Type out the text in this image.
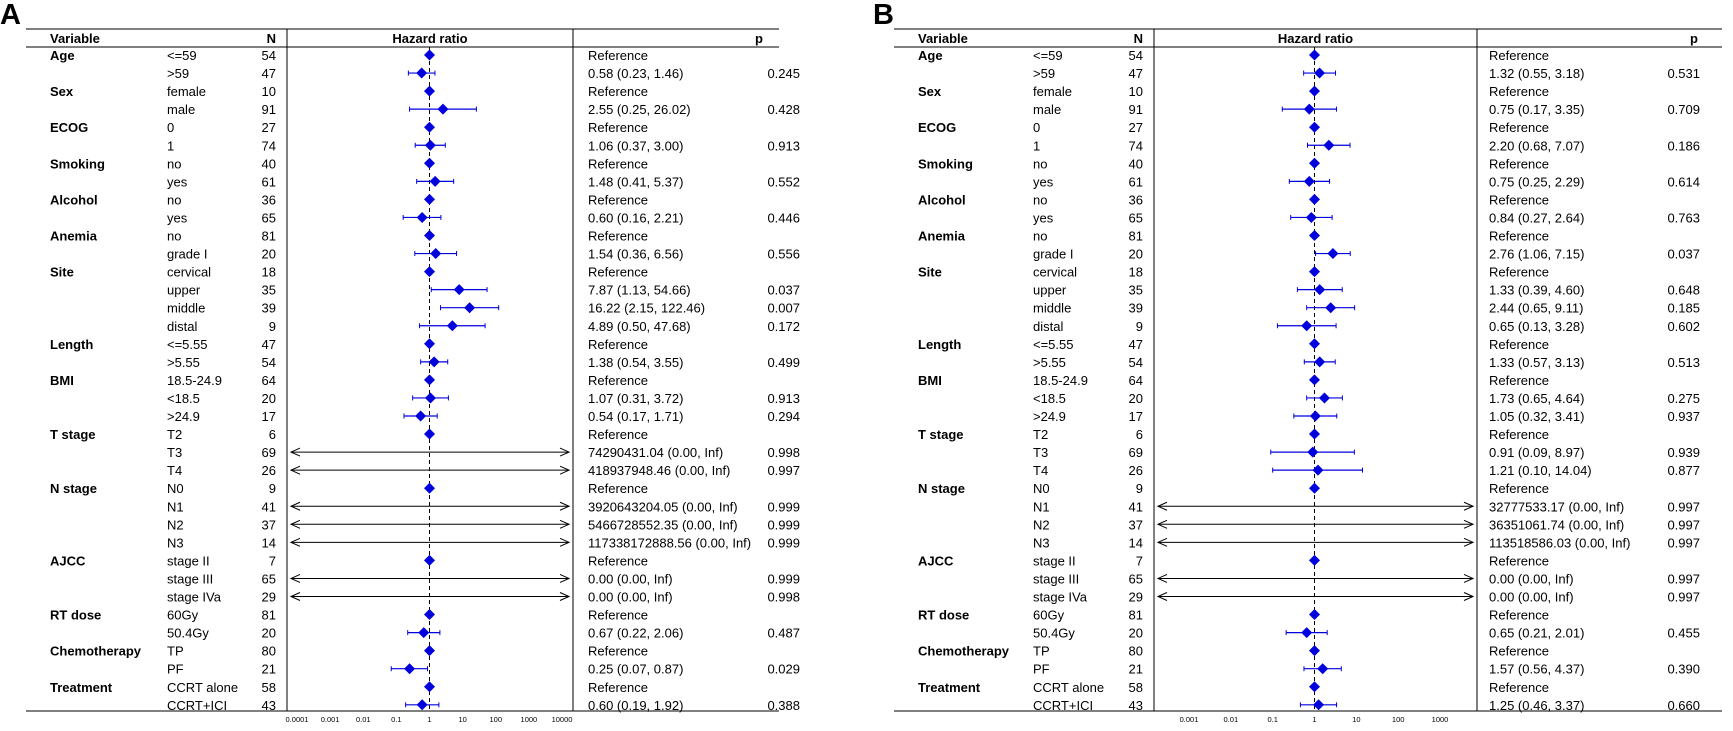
A
Variable	N	Hazard ratio	p
Age	<=59	54	Reference
>59	47	0.58 (0.23, 1.46)	0.245
Sex	female	10	Reference
male	91	2.55 (0.25, 26.02)	0.428
ECOG	0	27	Reference
1	74	1.06 (0.37, 3.00)	0.913
Smoking	no	40	Reference
yes	61	1.48 (0.41, 5.37)	0.552
Alcohol	no	36	Reference
yes	65	0.60 (0.16, 2.21)	0.446
Anemia	no	81	Reference
grade I	20	1.54 (0.36, 6.56)	0.556
Site	cervical	18	Reference
upper	35	7.87 (1.13, 54.66)	0.037
middle	39	16.22 (2.15, 122.46)	0.007
distal	9	4.89 (0.50, 47.68)	0.172
Length	<=5.55	47	Reference
>5.55	54	1.38 (0.54, 3.55)	0.499
BMI	18.5-24.9	64	Reference
<18.5	20	1.07 (0.31, 3.72)	0.913
>24.9	17	0.54 (0.17, 1.71)	0.294
T stage	T2	6	Reference
T3	69	74290431.04 (0.00, Inf)	0.998
T4	26	418937948.46 (0.00, Inf)	0.997
N stage	N0	9	Reference
N1	41	3920643204.05 (0.00, Inf) 0.999
N2	37	5466728552.35 (0.00, Inf) 0.999
N3	14	117338172888.56 (0.00, Inf) 0.999
AJCC	stage II	7	Reference
stage III	65	0.00 (0.00, Inf)	0.999
stage IVa	29	0.00 (0.00, Inf)	0.998
RT dose	60Gy	81	Reference
50.4Gy	20	0.67 (0.22, 2.06)	0.487
Chemotherapy TP	80	Reference
PF	21	0.25 (0.07, 0.87)	0.029
Treatment	CCRT alone 58	Reference
CCRT+ICI	43	0.60 (0.19, 1.92)	0.388
0.0001 0.001 0.01	0.1	1	10	100 1000 10000
B
Variable	N	Hazard ratio	p
Age	<=59	54	Reference
>59	47	1.32 (0.55, 3.18)	0.531
Sex	female	10	Reference
male	91	0.75 (0.17, 3.35)	0.709
ECOG	0	27	Reference
1	74	2.20 (0.68, 7.07)	0.186
Smoking	no	40	Reference
yes	61	0.75 (0.25, 2.29)	0.614
Alcohol	no	36	Reference
yes	65	0.84 (0.27, 2.64)	0.763
Anemia	no	81	Reference
grade I	20	2.76 (1.06, 7.15)	0.037
Site	cervical	18	Reference
upper	35	1.33 (0.39, 4.60)	0.648
middle	39	2.44 (0.65, 9.11)	0.185
distal	9	0.65 (0.13, 3.28)	0.602
Length	<=5.55	47	Reference
>5.55	54	1.33 (0.57, 3.13)	0.513
BMI	18.5-24.9	64	Reference
<18.5	20	1.73 (0.65, 4.64)	0.275
>24.9	17	1.05 (0.32, 3.41)	0.937
T stage	T2	6	Reference
T3	69	0.91 (0.09, 8.97)	0.939
T4	26	1.21 (0.10, 14.04)	0.877
N stage	N0	9	Reference
N1	41	32777533.17 (0.00, Inf)	0.997
N2	37	36351061.74 (0.00, Inf)	0.997
N3	14	113518586.03 (0.00, Inf)	0.997
AJCC	stage II	7	Reference
stage III	65	0.00 (0.00, Inf)	0.997
stage IVa	29	0.00 (0.00, Inf)	0.997
RT dose	60Gy	81	Reference
50.4Gy	20	0.65 (0.21, 2.01)	0.455
Chemotherapy TP	80	Reference
PF	21	1.57 (0.56, 4.37)	0.390
Treatment	CCRT alone 58	Reference
CCRT+ICI	43	1.25 (0.46, 3.37)	0.660
0.001	0.01	0.1	1	10	100	1000
